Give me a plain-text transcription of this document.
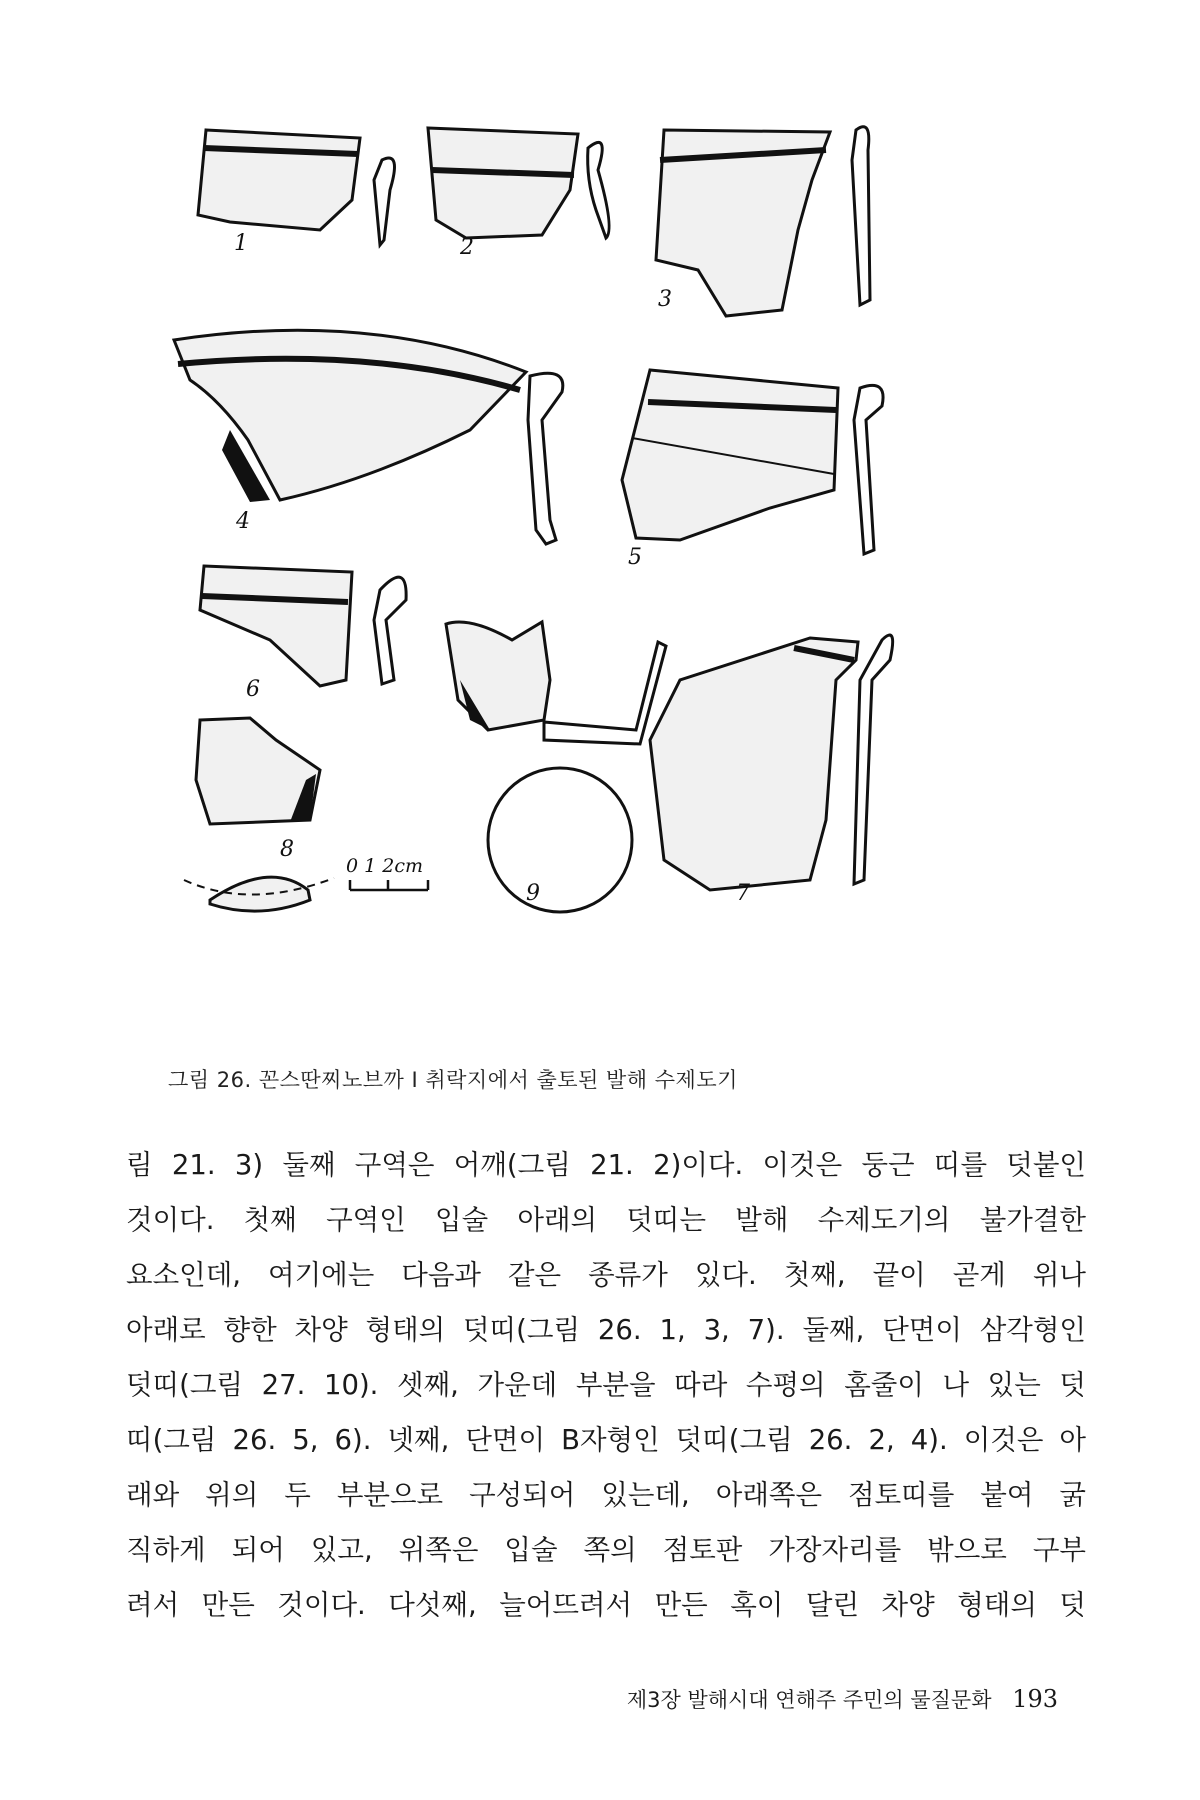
0 1 2cm
1	2
3
4
5
6
9
8
7
그림 26. 꼰스딴찌노브까 I 취락지에서 출토된 발해 수제도기
림 21. 3) 둘째 구역은 어깨(그림 21. 2)이다. 이것은 둥근 띠를 덧붙인
것이다. 첫째 구역인 입술 아래의 덧띠는 발해 수제도기의 불가결한
요소인데, 여기에는 다음과 같은 종류가 있다. 첫째, 끝이 곧게 위나
아래로 향한 차양 형태의 덧띠(그림 26. 1, 3, 7). 둘째, 단면이 삼각형인
덧띠(그림 27. 10). 셋째, 가운데 부분을 따라 수평의 홈줄이 나 있는 덧
띠(그림 26. 5, 6). 넷째, 단면이 B자형인 덧띠(그림 26. 2, 4). 이것은 아
래와 위의 두 부분으로 구성되어 있는데, 아래쪽은 점토띠를 붙여 굵
직하게 되어 있고, 위쪽은 입술 쪽의 점토판 가장자리를 밖으로 구부
려서 만든 것이다. 다섯째, 늘어뜨려서 만든 혹이 달린 차양 형태의 덧
제3장 발해시대 연해주 주민의 물질문화 193
